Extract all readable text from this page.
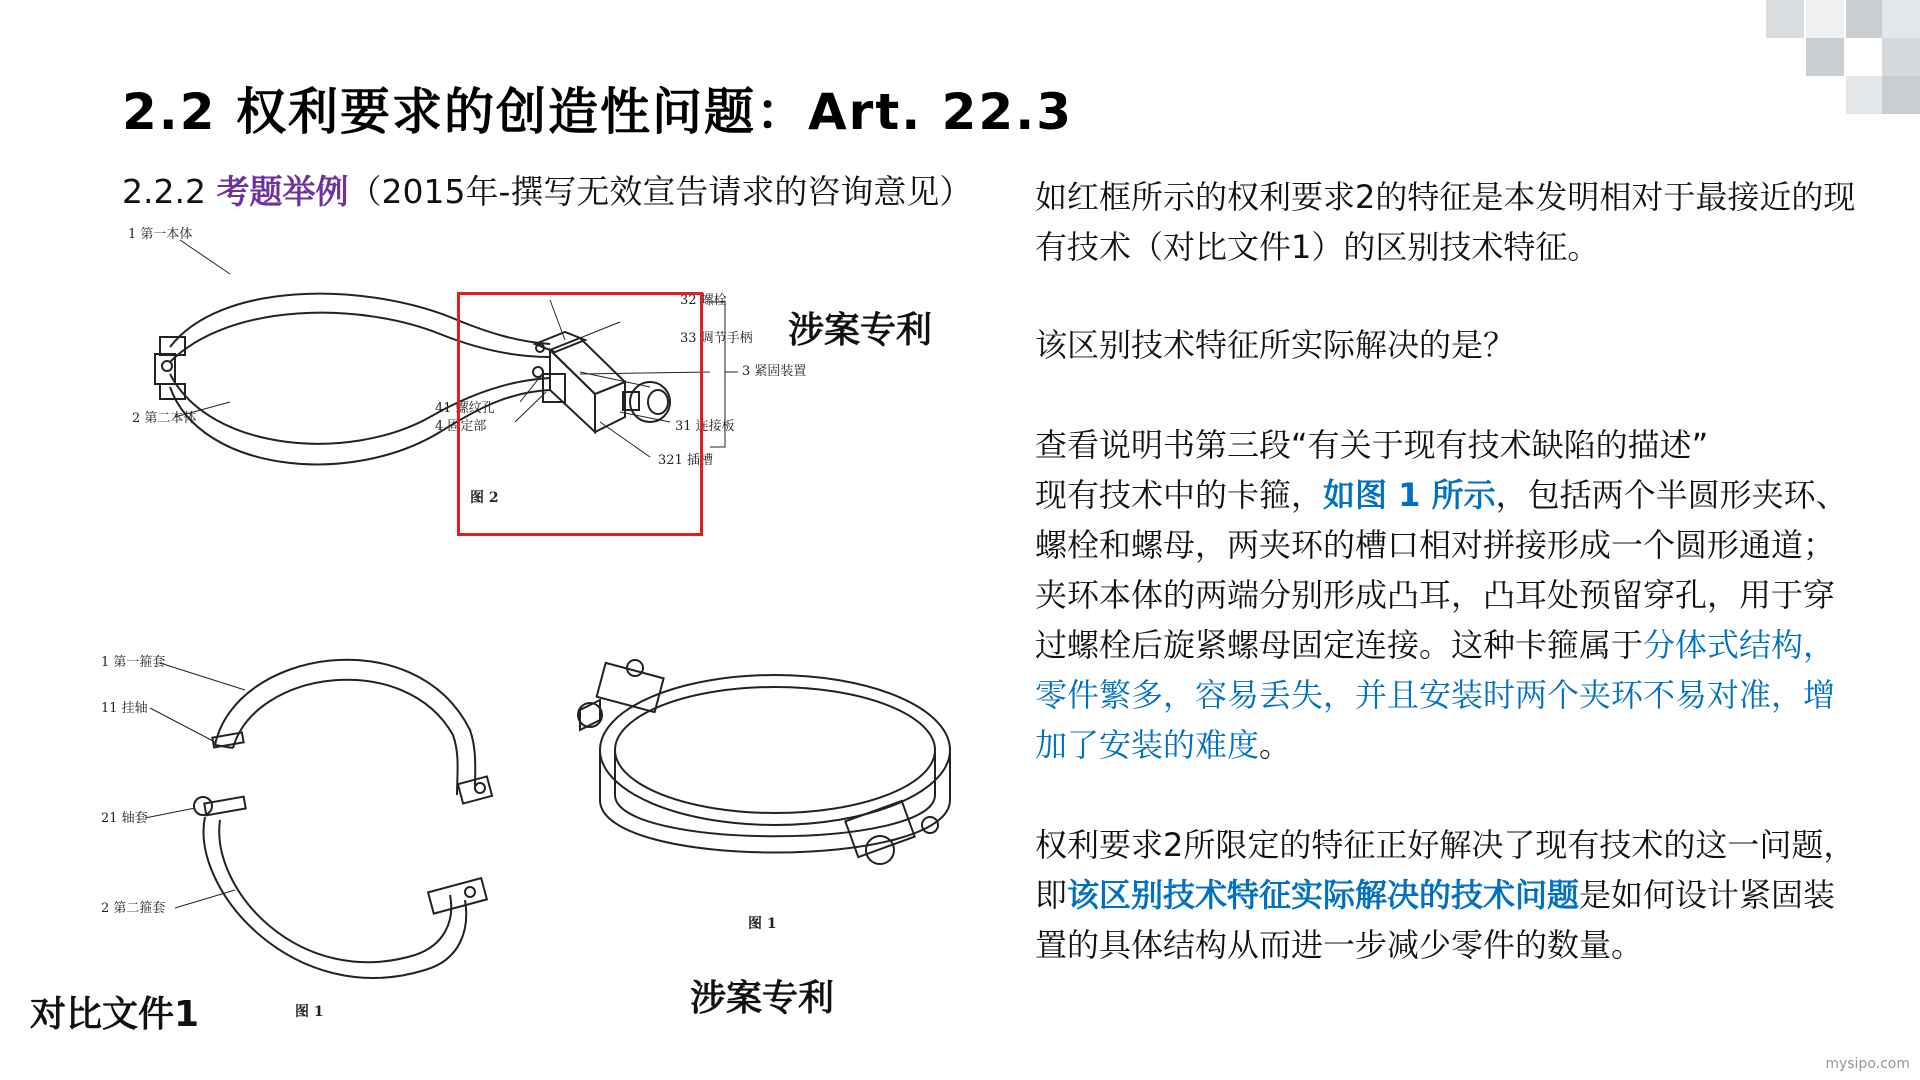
2.2 权利要求的创造性问题：Art. 22.3
2.2.2 考题举例（2015年-撰写无效宣告请求的咨询意见）
1 第一本体
2 第二本体
32 螺栓
33 调节手柄
3 紧固装置
41 螺纹孔
4 固定部	31 连接板
321 插槽
图 2
涉案专利
1 第一箍套
11 挂轴
21 轴套
2 第二箍套
图 1
对比文件1
图 1
涉案专利
如红框所示的权利要求2的特征是本发明相对于最接近的现有技术（对比文件1）的区别技术特征。
该区别技术特征所实际解决的是？
查看说明书第三段“有关于现有技术缺陷的描述”
现有技术中的卡箍，如图 1 所示，包括两个半圆形夹环、螺栓和螺母，两夹环的槽口相对拼接形成一个圆形通道；夹环本体的两端分别形成凸耳，凸耳处预留穿孔，用于穿过螺栓后旋紧螺母固定连接。这种卡箍属于分体式结构，零件繁多，容易丢失，并且安装时两个夹环不易对准，增加了安装的难度。
权利要求2所限定的特征正好解决了现有技术的这一问题，即该区别技术特征实际解决的技术问题是如何设计紧固装置的具体结构从而进一步减少零件的数量。
mysipo.com
